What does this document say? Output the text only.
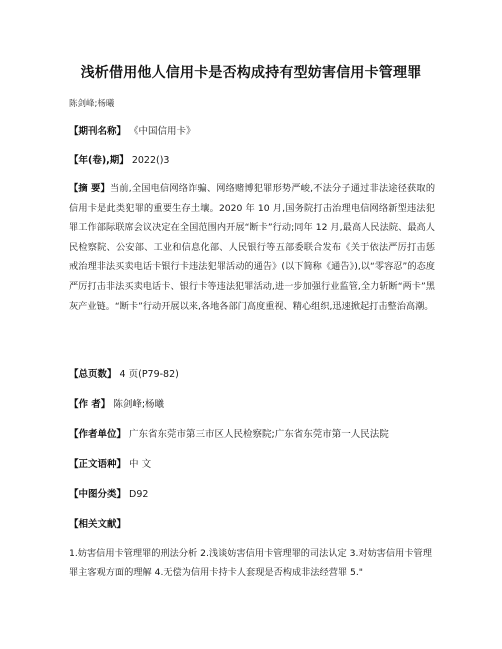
浅析借用他人信用卡是否构成持有型妨害信用卡管理罪
陈剑峰;杨曦
【期刊名称】 《中国信用卡》
【年(卷),期】 2022()3
【摘 要】当前,全国电信网络诈骗、网络赌博犯罪形势严峻,不法分子通过非法途径获取的信用卡是此类犯罪的重要生存土壤。2020 年 10 月,国务院打击治理电信网络新型违法犯罪工作部际联席会议决定在全国范围内开展“断卡”行动;同年 12 月,最高人民法院、最高人民检察院、公安部、工业和信息化部、人民银行等五部委联合发布《关于依法严厉打击惩戒治理非法买卖电话卡银行卡违法犯罪活动的通告》(以下简称《通告》),以“零容忍”的态度严厉打击非法买卖电话卡、银行卡等违法犯罪活动,进一步加强行业监管,全力斩断“两卡”黑灰产业链。“断卡”行动开展以来,各地各部门高度重视、精心组织,迅速掀起打击整治高潮。
【总页数】 4 页(P79-82)
【作 者】 陈剑峰;杨曦
【作者单位】 广东省东莞市第三市区人民检察院;广东省东莞市第一人民法院
【正文语种】 中 文
【中图分类】 D92
【相关文献】
1.妨害信用卡管理罪的刑法分析 2.浅谈妨害信用卡管理罪的司法认定 3.对妨害信用卡管理罪主客观方面的理解 4.无偿为信用卡持卡人套现是否构成非法经营罪 5."
